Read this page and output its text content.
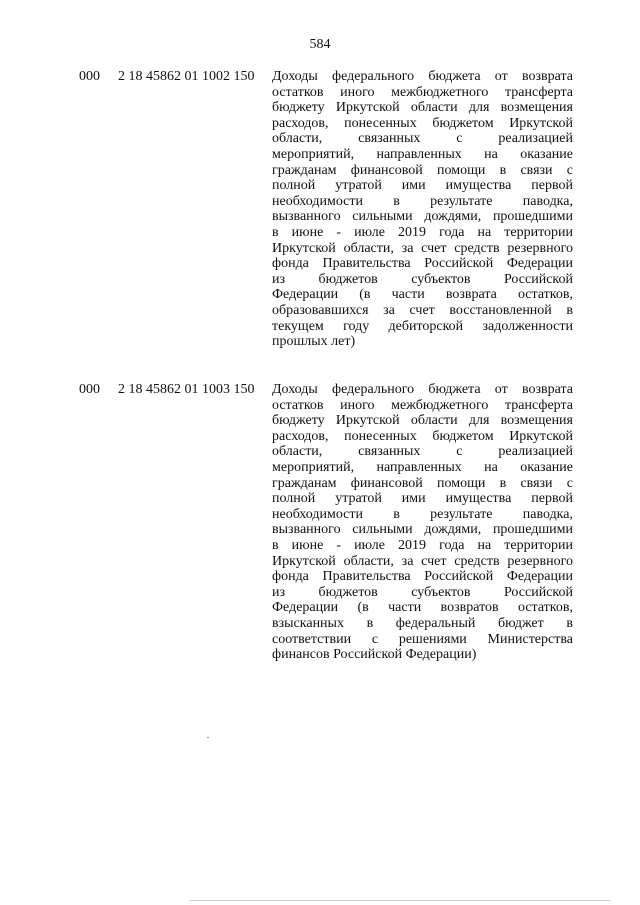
584
000 2 18 45862 01 1002 150 Доходы федерального бюджета от возврата
остатков иного межбюджетного трансферта
бюджету Иркутской области для возмещения
расходов, понесенных бюджетом Иркутской
области, связанных с реализацией
мероприятий, направленных на оказание
гражданам финансовой помощи в связи с
полной утратой ими имущества первой
необходимости в результате паводка,
вызванного сильными дождями, прошедшими
в июне - июле 2019 года на территории
Иркутской области, за счет средств резервного
фонда Правительства Российской Федерации
из бюджетов субъектов Российской
Федерации (в части возврата остатков,
образовавшихся за счет восстановленной в
текущем году дебиторской задолженности
прошлых лет)
000 2 18 45862 01 1003 150 Доходы федерального бюджета от возврата
остатков иного межбюджетного трансферта
бюджету Иркутской области для возмещения
расходов, понесенных бюджетом Иркутской
области, связанных с реализацией
мероприятий, направленных на оказание
гражданам финансовой помощи в связи с
полной утратой ими имущества первой
необходимости в результате паводка,
вызванного сильными дождями, прошедшими
в июне - июле 2019 года на территории
Иркутской области, за счет средств резервного
фонда Правительства Российской Федерации
из бюджетов субъектов Российской
Федерации (в части возвратов остатков,
взысканных в федеральный бюджет в
соответствии с решениями Министерства
финансов Российской Федерации)
